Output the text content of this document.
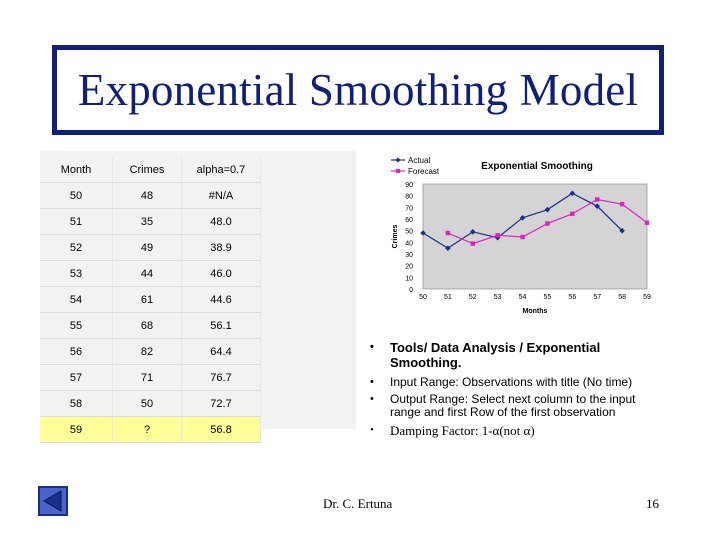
Exponential Smoothing Model
Month	Crimes	alpha=0.7
50	48	#N/A
51	35	48.0
52	49	38.9
53	44	46.0
54	61	44.6
55	68	56.1
56	82	64.4
57	71	76.7
58	50	72.7
59	?	56.8
Exponential Smoothing
0
10
20
30
40
50
60
70
80
90
50 51 52 53 54 55 56 57 58 59
Months
Crimes
Actual
Forecast
• Tools/ Data Analysis / Exponential Smoothing.
• Input Range: Observations with title (No time)
• Output Range: Select next column to the input range and first Row of the first observation
• Damping Factor: 1-α(not α)
Dr. C. Ertuna	16
